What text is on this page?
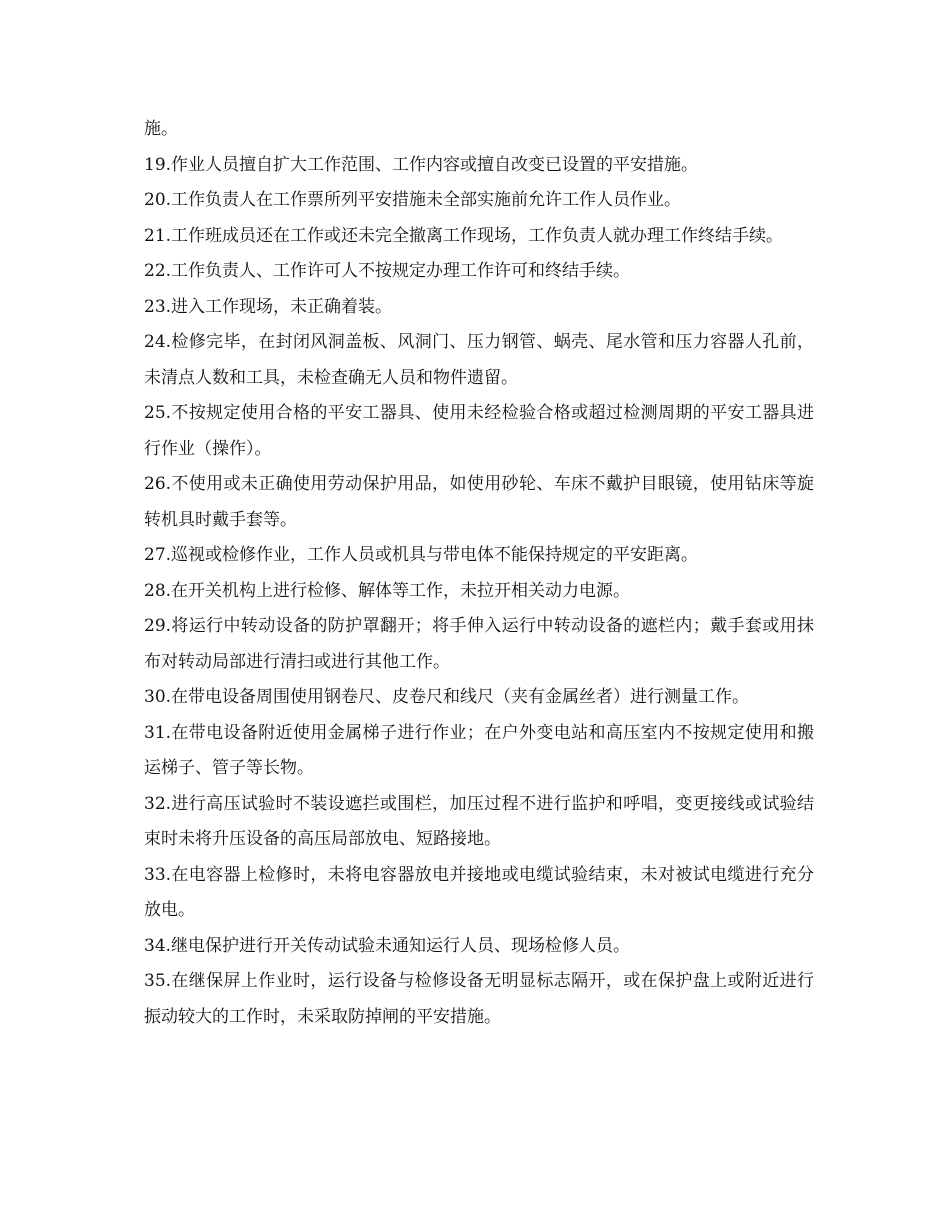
施。

19.作业人员擅自扩大工作范围、工作内容或擅自改变已设置的平安措施。

20.工作负责人在工作票所列平安措施未全部实施前允许工作人员作业。

21.工作班成员还在工作或还未完全撤离工作现场，工作负责人就办理工作终结手续。

22.工作负责人、工作许可人不按规定办理工作许可和终结手续。

23.进入工作现场，未正确着装。

24.检修完毕，在封闭风洞盖板、风洞门、压力钢管、蜗壳、尾水管和压力容器人孔前，未清点人数和工具，未检查确无人员和物件遗留。

25.不按规定使用合格的平安工器具、使用未经检验合格或超过检测周期的平安工器具进行作业（操作）。

26.不使用或未正确使用劳动保护用品，如使用砂轮、车床不戴护目眼镜，使用钻床等旋转机具时戴手套等。

27.巡视或检修作业，工作人员或机具与带电体不能保持规定的平安距离。

28.在开关机构上进行检修、解体等工作，未拉开相关动力电源。

29.将运行中转动设备的防护罩翻开；将手伸入运行中转动设备的遮栏内；戴手套或用抹布对转动局部进行清扫或进行其他工作。

30.在带电设备周围使用钢卷尺、皮卷尺和线尺（夹有金属丝者）进行测量工作。

31.在带电设备附近使用金属梯子进行作业；在户外变电站和高压室内不按规定使用和搬运梯子、管子等长物。

32.进行高压试验时不装设遮拦或围栏，加压过程不进行监护和呼唱，变更接线或试验结束时未将升压设备的高压局部放电、短路接地。

33.在电容器上检修时，未将电容器放电并接地或电缆试验结束，未对被试电缆进行充分放电。

34.继电保护进行开关传动试验未通知运行人员、现场检修人员。

35.在继保屏上作业时，运行设备与检修设备无明显标志隔开，或在保护盘上或附近进行振动较大的工作时，未采取防掉闸的平安措施。
